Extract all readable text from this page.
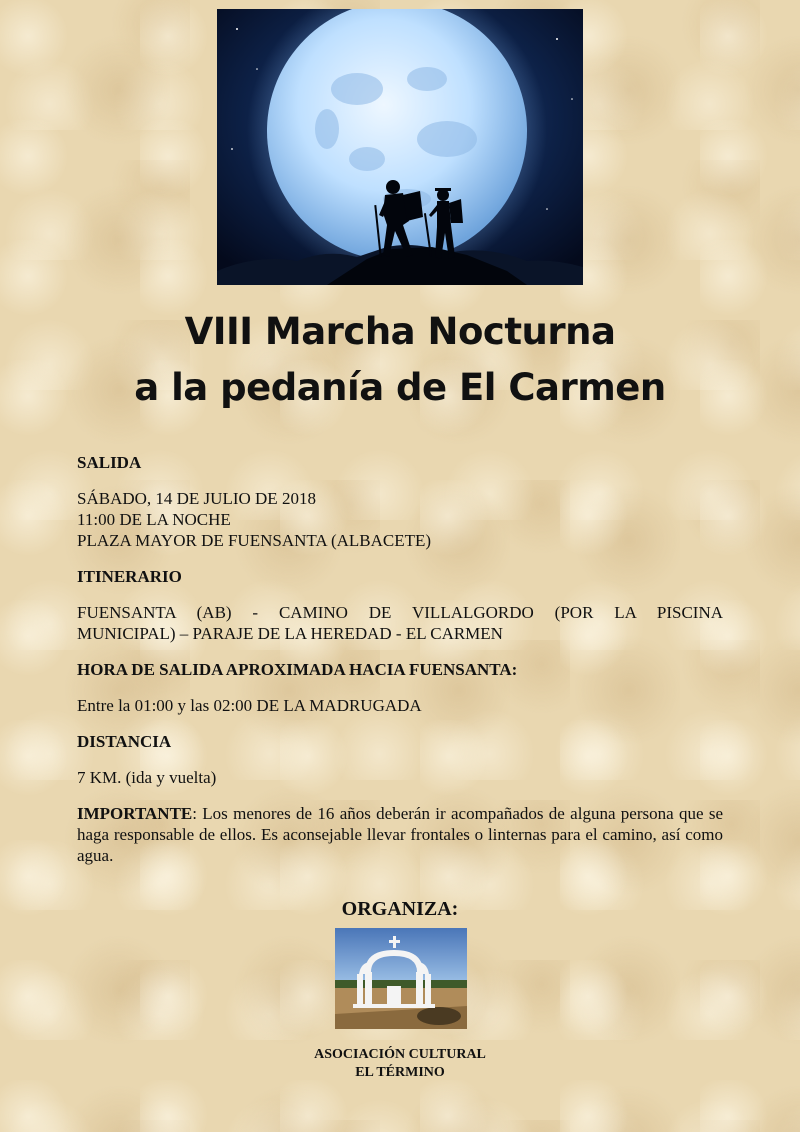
VIII Marcha Nocturna
a la pedanía de El Carmen
SALIDA
SÁBADO, 14 DE JULIO DE 2018
11:00 DE LA NOCHE
PLAZA MAYOR DE FUENSANTA (ALBACETE)
ITINERARIO
FUENSANTA (AB) - CAMINO DE VILLALGORDO (POR LA PISCINA
MUNICIPAL) – PARAJE DE LA HEREDAD - EL CARMEN
HORA DE SALIDA APROXIMADA HACIA FUENSANTA:
Entre la 01:00 y las 02:00 DE LA MADRUGADA
DISTANCIA
7 KM. (ida y vuelta)
IMPORTANTE: Los menores de 16 años deberán ir acompañados de alguna persona que se haga responsable de ellos. Es aconsejable llevar frontales o linternas para el camino, así como agua.
ORGANIZA:
ASOCIACIÓN CULTURAL
EL TÉRMINO
